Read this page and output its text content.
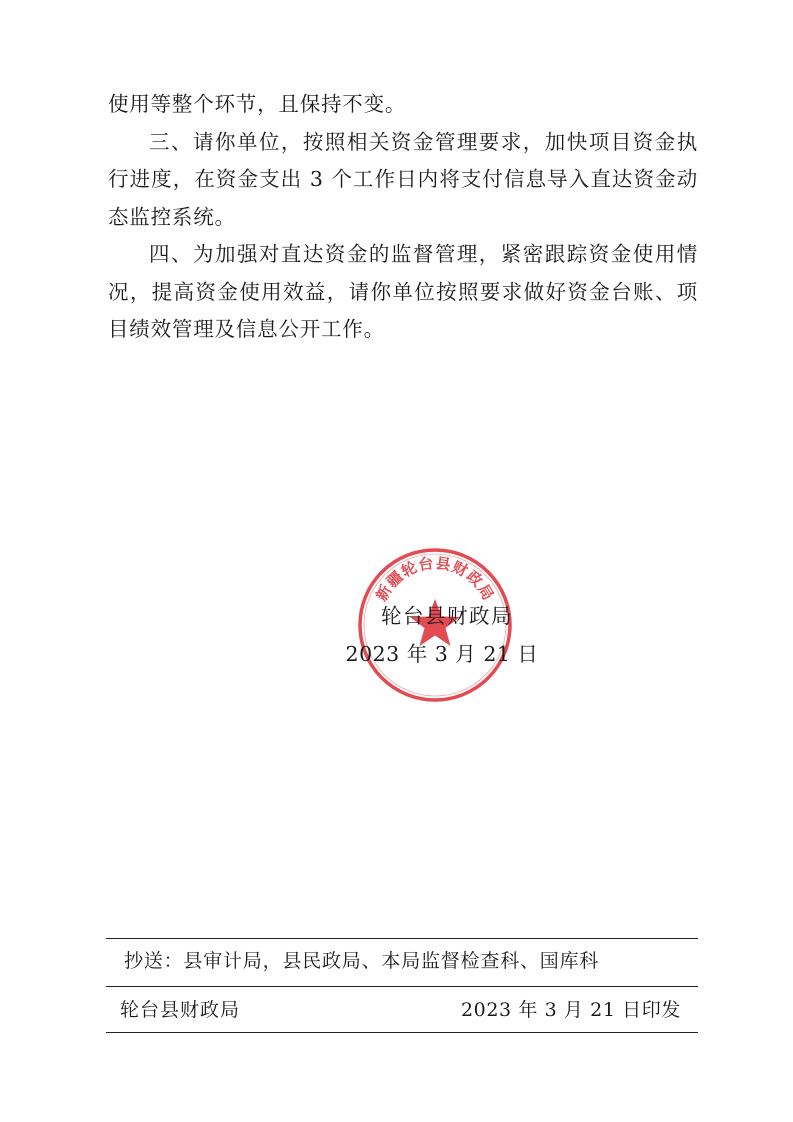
使用等整个环节，且保持不变。

三、请你单位，按照相关资金管理要求，加快项目资金执行进度，在资金支出 3 个工作日内将支付信息导入直达资金动态监控系统。

四、为加强对直达资金的监督管理，紧密跟踪资金使用情况，提高资金使用效益，请你单位按照要求做好资金台账、项目绩效管理及信息公开工作。

新疆轮台县财政局
轮台县财政局
2023 年 3 月 21 日
抄送：县审计局，县民政局、本局监督检查科、国库科
轮台县财政局	2023 年 3 月 21 日印发
